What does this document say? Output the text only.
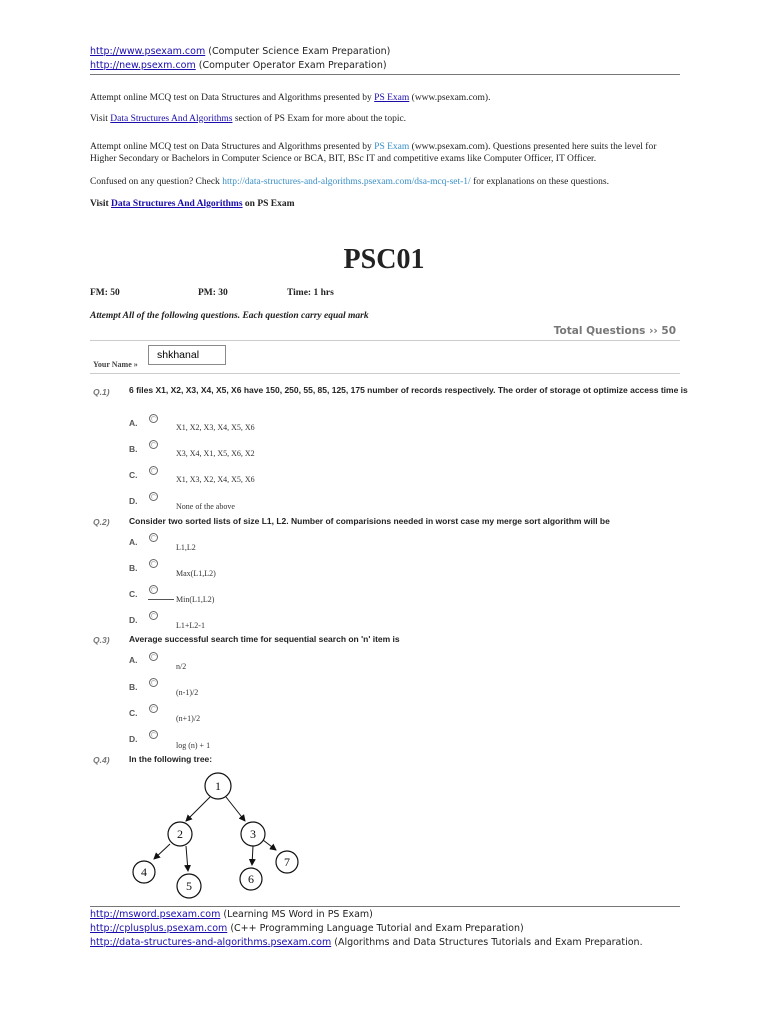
http://www.psexam.com (Computer Science Exam Preparation)
http://new.psexm.com (Computer Operator Exam Preparation)
Attempt online MCQ test on Data Structures and Algorithms presented by PS Exam (www.psexam.com).
Visit Data Structures And Algorithms section of PS Exam for more about the topic.
Attempt online MCQ test on Data Structures and Algorithms presented by PS Exam (www.psexam.com). Questions presented here suits the level for Higher Secondary or Bachelors in Computer Science or BCA, BIT, BSc IT and competitive exams like Computer Officer, IT Officer.
Confused on any question? Check http://data-structures-and-algorithms.psexam.com/dsa-mcq-set-1/ for explanations on these questions.
Visit Data Structures And Algorithms on PS Exam
PSC01
FM: 50	PM: 30	Time: 1 hrs
Attempt All of the following questions. Each question carry equal mark
Total Questions ›› 50
Your Name »
shkhanal
Q.1) 6 files X1, X2, X3, X4, X5, X6 have 150, 250, 55, 85, 125, 175 number of records respectively. The order of storage ot optimize access time is
A.	X1, X2, X3, X4, X5, X6
B.	X3, X4, X1, X5, X6, X2
C.	X1, X3, X2, X4, X5, X6
D.
None of the above
Q.2) Consider two sorted lists of size L1, L2. Number of comparisions needed in worst case my merge sort algorithm will be
A.
L1,L2
B.
Max(L1,L2)
C.
Min(L1,L2)
D.
L1+L2-1
Q.3) Average successful search time for sequential search on 'n' item is
A.
n/2
B.
(n-1)/2
C.
(n+1)/2
D.
log (n) + 1
Q.4) In the following tree:
1
2	3
4
5	6
7
http://msword.psexam.com (Learning MS Word in PS Exam)
http://cplusplus.psexam.com (C++ Programming Language Tutorial and Exam Preparation)
http://data-structures-and-algorithms.psexam.com (Algorithms and Data Structures Tutorials and Exam Preparation.
